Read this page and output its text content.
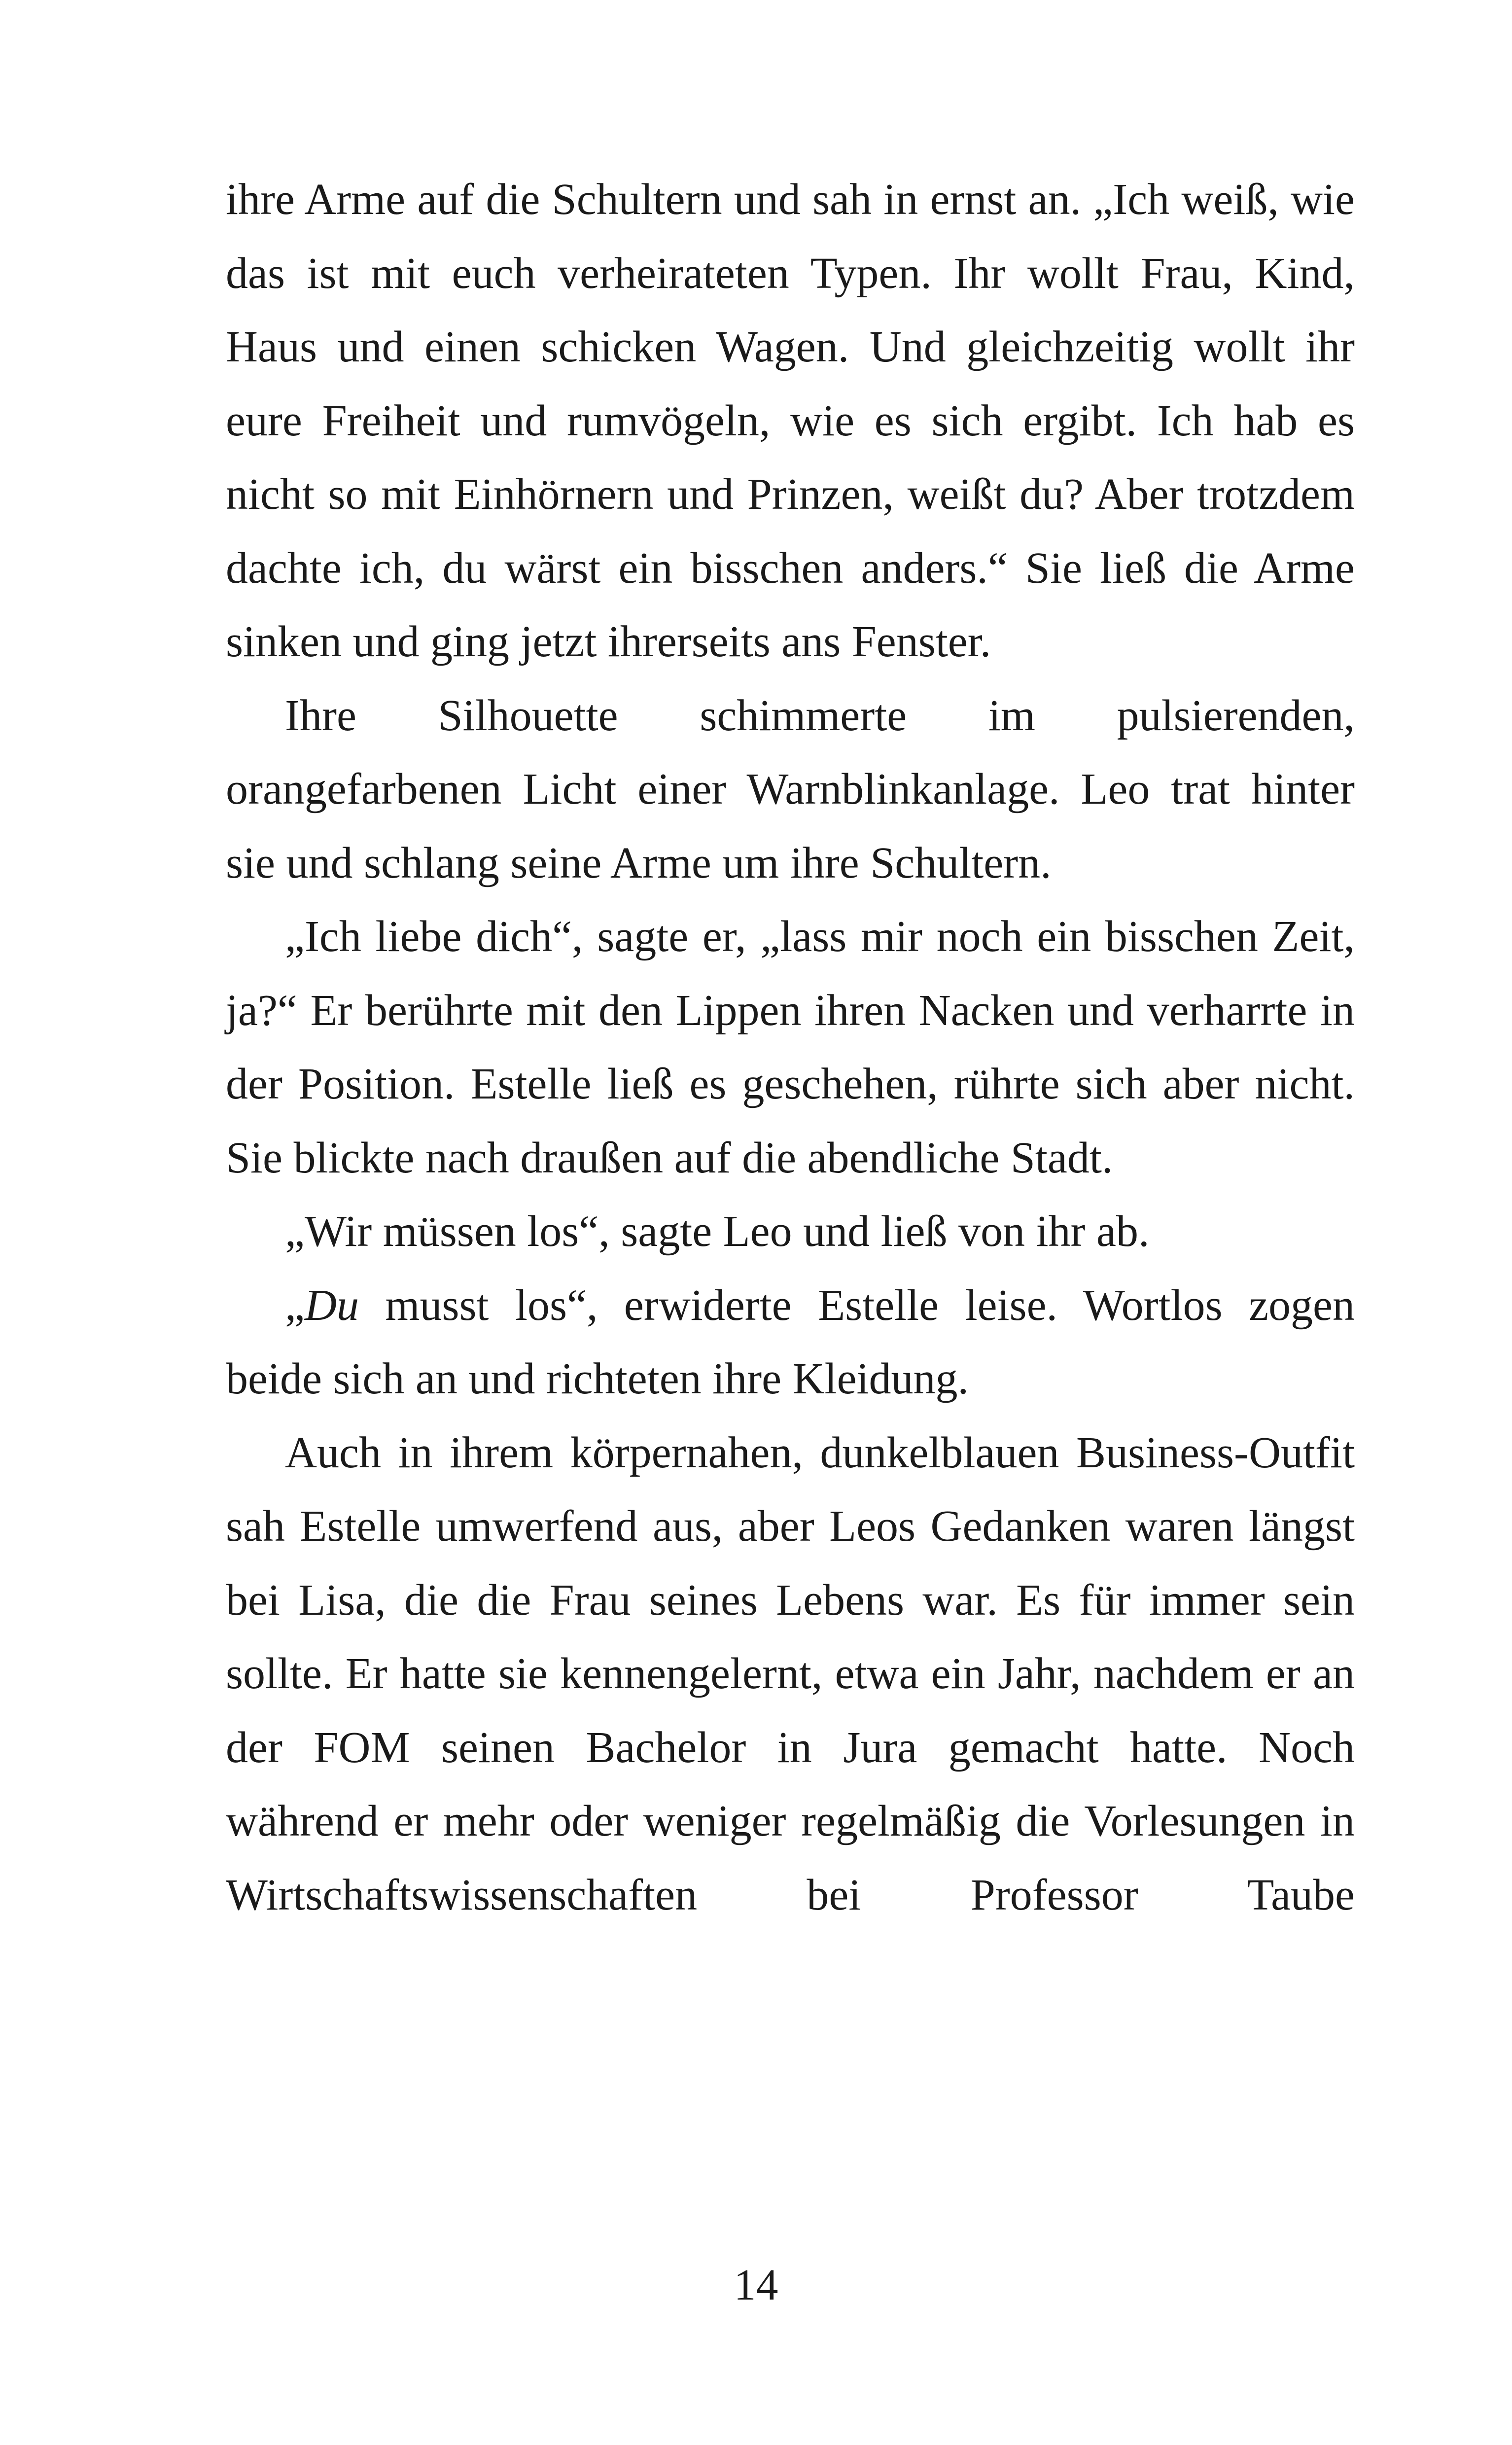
ihre Arme auf die Schultern und sah in ernst an. „Ich weiß, wie das ist mit euch verheirateten Typen. Ihr wollt Frau, Kind, Haus und einen schicken Wagen. Und gleichzeitig wollt ihr eure Freiheit und rumvögeln, wie es sich ergibt. Ich hab es nicht so mit Einhörnern und Prinzen, weißt du? Aber trotzdem dachte ich, du wärst ein bisschen anders.“ Sie ließ die Arme sinken und ging jetzt ihrerseits ans Fenster.

Ihre Silhouette schimmerte im pulsierenden, orangefarbenen Licht einer Warnblinkanlage. Leo trat hinter sie und schlang seine Arme um ihre Schultern.

„Ich liebe dich“, sagte er, „lass mir noch ein bisschen Zeit, ja?“ Er berührte mit den Lippen ihren Nacken und verharrte in der Position. Estelle ließ es geschehen, rührte sich aber nicht. Sie blickte nach draußen auf die abendliche Stadt.

„Wir müssen los“, sagte Leo und ließ von ihr ab.

„Du musst los“, erwiderte Estelle leise. Wortlos zogen beide sich an und richteten ihre Kleidung.

Auch in ihrem körpernahen, dunkelblauen Business-Outfit sah Estelle umwerfend aus, aber Leos Gedanken waren längst bei Lisa, die die Frau seines Lebens war. Es für immer sein sollte. Er hatte sie kennengelernt, etwa ein Jahr, nachdem er an der FOM seinen Bachelor in Jura gemacht hatte. Noch während er mehr oder weniger regelmäßig die Vorlesungen in Wirtschaftswissenschaften bei Professor Taube

14
